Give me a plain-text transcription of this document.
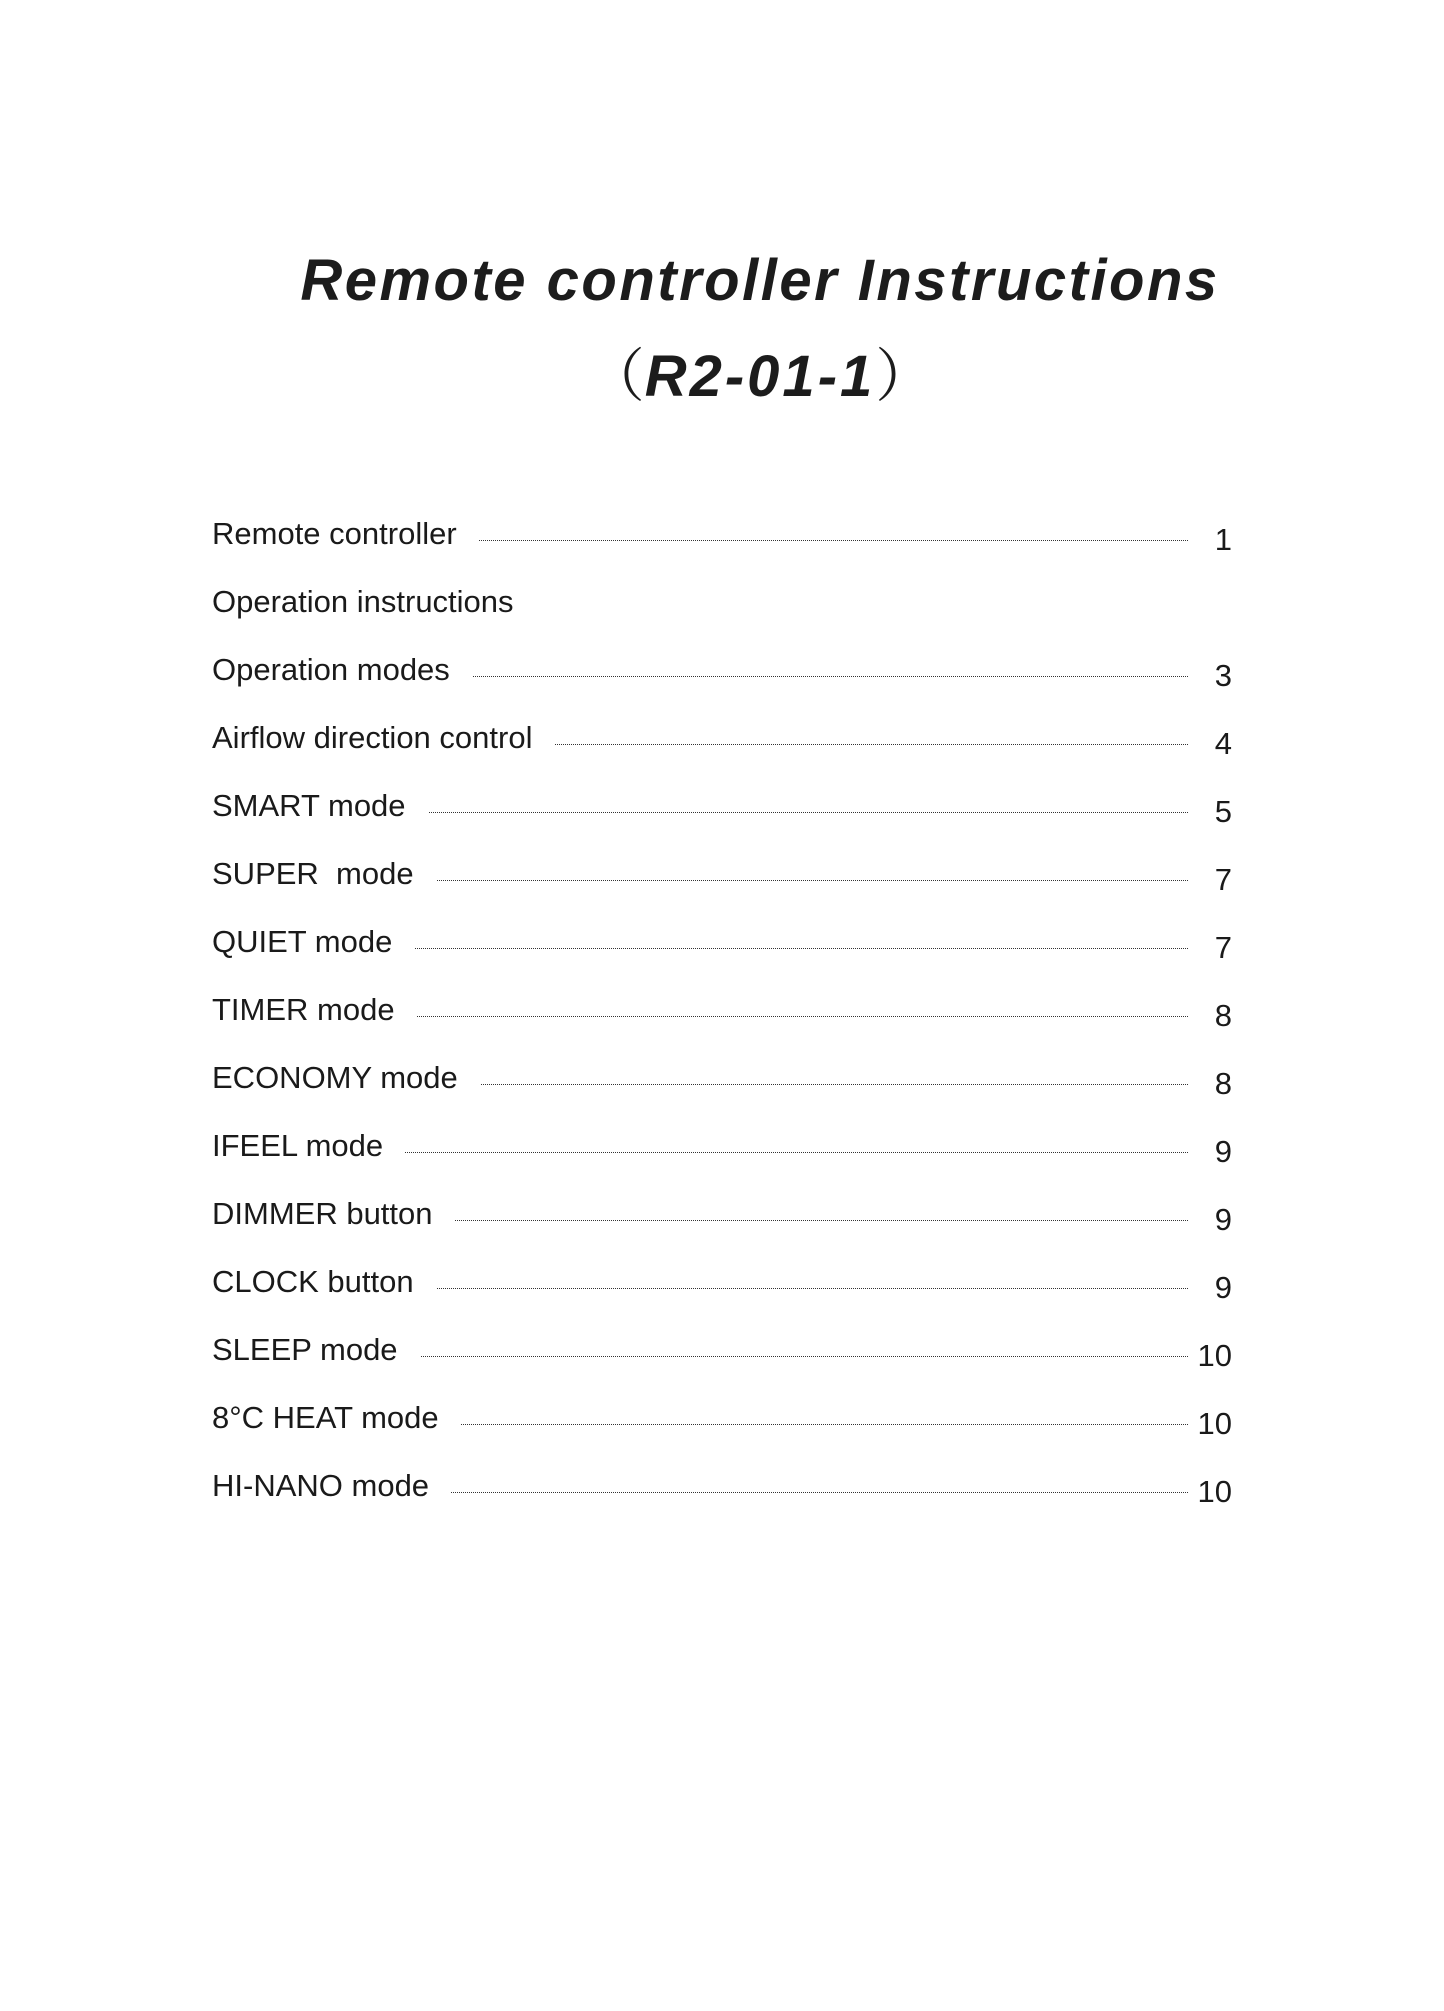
Remote controller Instructions
（R2-01-1）
Remote controller	1
Operation instructions
Operation modes	3
Airflow direction control	4
SMART mode	5
SUPER  mode	7
QUIET mode	7
TIMER mode	8
ECONOMY mode	8
IFEEL mode	9
DIMMER button	9
CLOCK button	9
SLEEP mode	10
8°C HEAT mode	10
HI-NANO mode	10
